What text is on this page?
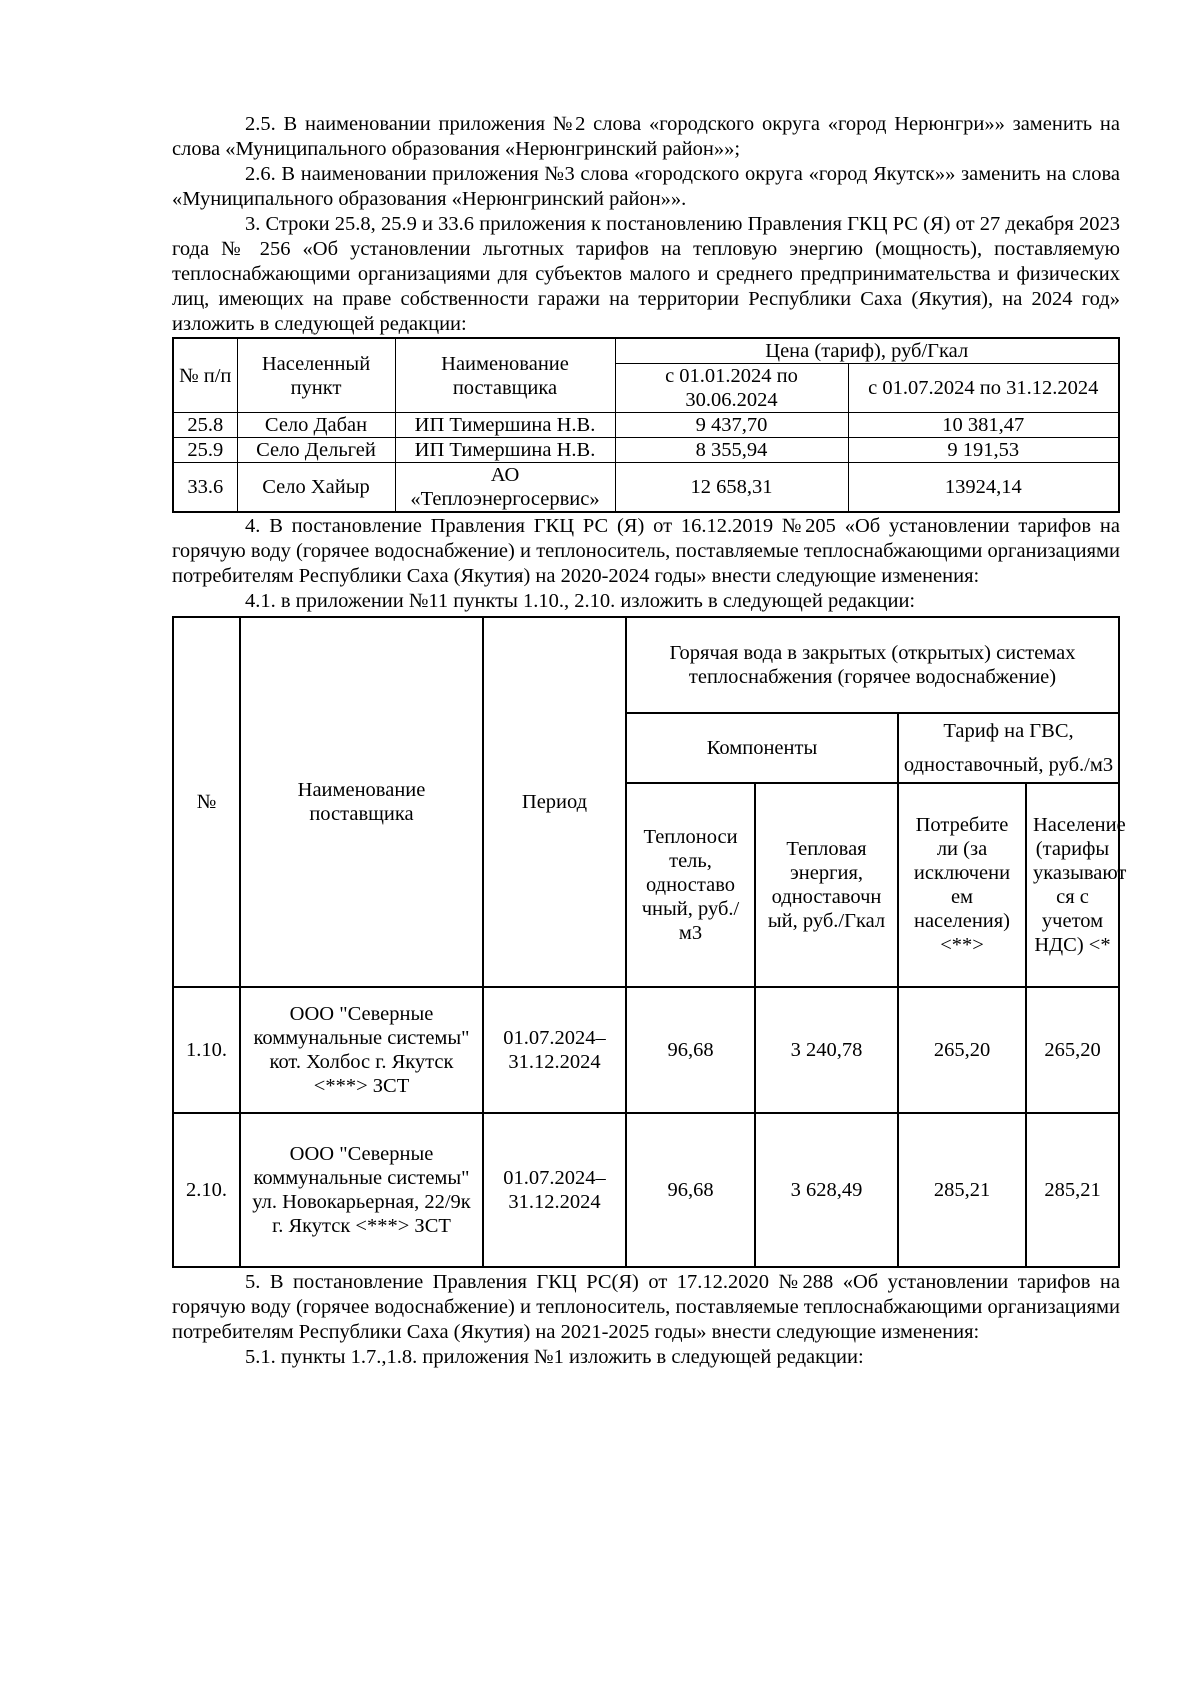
2.5. В наименовании приложения №2 слова «городского округа «город Нерюнгри»» заменить на слова «Муниципального образования «Нерюнгринский район»»;

2.6. В наименовании приложения №3 слова «городского округа «город Якутск»» заменить на слова «Муниципального образования «Нерюнгринский район»».

3. Строки 25.8, 25.9 и 33.6 приложения к постановлению Правления ГКЦ РС (Я) от 27 декабря 2023 года № 256 «Об установлении льготных тарифов на тепловую энергию (мощность), поставляемую теплоснабжающими организациями для субъектов малого и среднего предпринимательства и физических лиц, имеющих на праве собственности гаражи на территории Республики Саха (Якутия), на 2024 год» изложить в следующей редакции:

№ п/п	Населенный пункт	Наименование поставщика	Цена (тариф), руб/Гкал	
			с 01.01.2024 по 30.06.2024	с 01.07.2024 по 31.12.2024
25.8	Село Дабан	ИП Тимершина Н.В.	9 437,70	10 381,47
25.9	Село Дельгей	ИП Тимершина Н.В.	8 355,94	9 191,53
33.6	Село Хайыр	АО «Теплоэнергосервис»	12 658,31	13924,14

4. В постановление Правления ГКЦ РС (Я) от 16.12.2019 №205 «Об установлении тарифов на горячую воду (горячее водоснабжение) и теплоноситель, поставляемые теплоснабжающими организациями потребителям Республики Саха (Якутия) на 2020-2024 годы» внести следующие изменения:

4.1. в приложении №11 пункты 1.10., 2.10. изложить в следующей редакции:

№	Наименование поставщика	Период	Горячая вода в закрытых (открытых) системах теплоснабжения (горячее водоснабжение)			
			Компоненты		Тариф на ГВС, одноставочный, руб./м3	
			Теплоноси тель, одноставо чный, руб./м3	Тепловая энергия, одноставочн ый, руб./Гкал	Потребите ли (за исключени ем населения) <**>	Население (тарифы указывают ся с учетом НДС) <*
1.10.	ООО "Северные коммунальные системы" кот. Холбос г. Якутск <***> ЗСТ	01.07.2024– 31.12.2024	96,68	3 240,78	265,20	265,20
2.10.	ООО "Северные коммунальные системы" ул. Новокарьерная, 22/9к г. Якутск <***> ЗСТ	01.07.2024– 31.12.2024	96,68	3 628,49	285,21	285,21

5. В постановление Правления ГКЦ РС(Я) от 17.12.2020 №288 «Об установлении тарифов на горячую воду (горячее водоснабжение) и теплоноситель, поставляемые теплоснабжающими организациями потребителям Республики Саха (Якутия) на 2021-2025 годы» внести следующие изменения:

5.1. пункты 1.7.,1.8. приложения №1 изложить в следующей редакции:
